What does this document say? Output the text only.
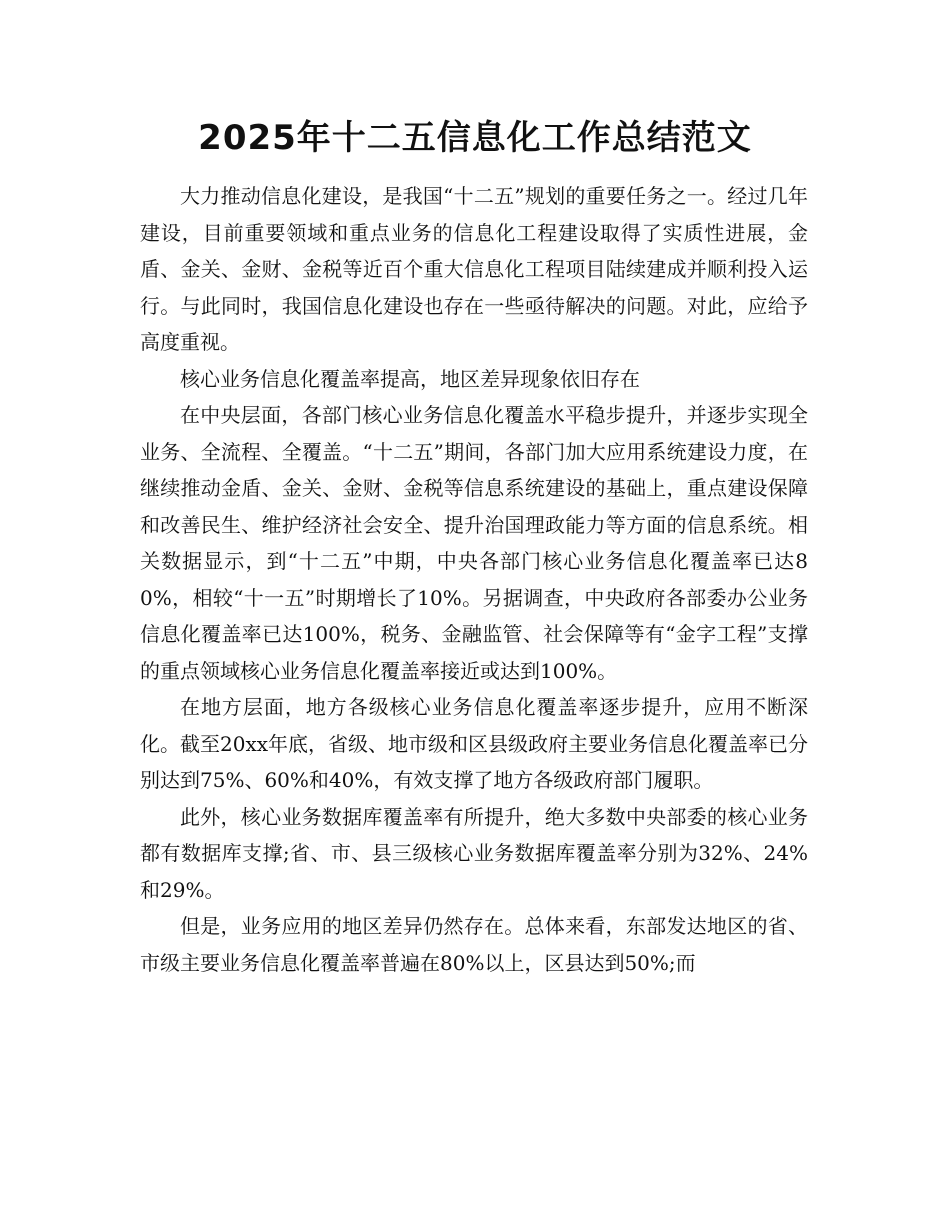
2025年十二五信息化工作总结范文

大力推动信息化建设，是我国“十二五”规划的重要任务之一。经过几年建设，目前重要领域和重点业务的信息化工程建设取得了实质性进展，金盾、金关、金财、金税等近百个重大信息化工程项目陆续建成并顺利投入运行。与此同时，我国信息化建设也存在一些亟待解决的问题。对此，应给予高度重视。

核心业务信息化覆盖率提高，地区差异现象依旧存在

在中央层面，各部门核心业务信息化覆盖水平稳步提升，并逐步实现全业务、全流程、全覆盖。“十二五”期间，各部门加大应用系统建设力度，在继续推动金盾、金关、金财、金税等信息系统建设的基础上，重点建设保障和改善民生、维护经济社会安全、提升治国理政能力等方面的信息系统。相关数据显示，到“十二五”中期，中央各部门核心业务信息化覆盖率已达80%，相较“十一五”时期增长了10%。另据调查，中央政府各部委办公业务信息化覆盖率已达100%，税务、金融监管、社会保障等有“金字工程”支撑的重点领域核心业务信息化覆盖率接近或达到100%。

在地方层面，地方各级核心业务信息化覆盖率逐步提升，应用不断深化。截至20xx年底，省级、地市级和区县级政府主要业务信息化覆盖率已分别达到75%、60%和40%，有效支撑了地方各级政府部门履职。

此外，核心业务数据库覆盖率有所提升，绝大多数中央部委的核心业务都有数据库支撑;省、市、县三级核心业务数据库覆盖率分别为32%、24%和29%。

但是，业务应用的地区差异仍然存在。总体来看，东部发达地区的省、市级主要业务信息化覆盖率普遍在80%以上，区县达到50%;而
